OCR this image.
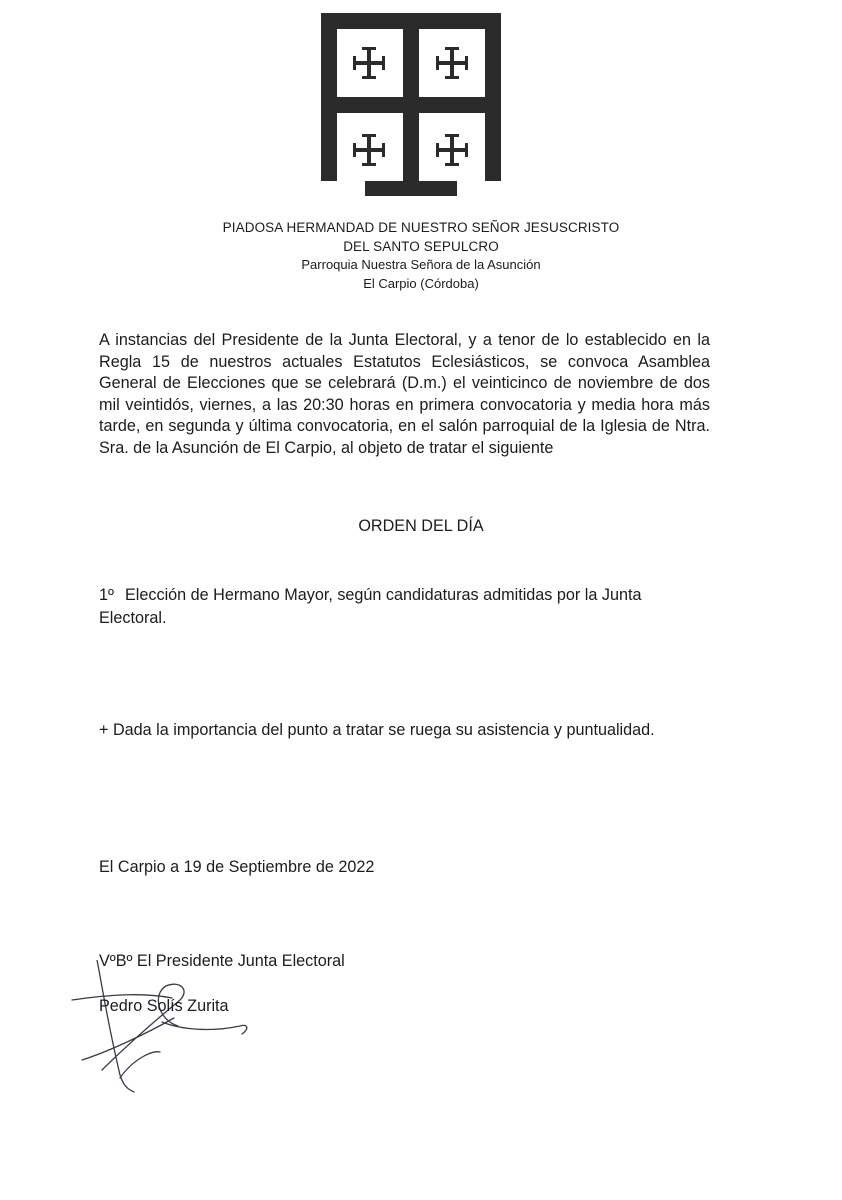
PIADOSA HERMANDAD DE NUESTRO SEÑOR JESUSCRISTO
DEL SANTO SEPULCRO
Parroquia Nuestra Señora de la Asunción
El Carpio (Córdoba)
A instancias del Presidente de la Junta Electoral, y a tenor de lo establecido en la Regla 15 de nuestros actuales Estatutos Eclesiásticos, se convoca Asamblea General de Elecciones que se celebrará (D.m.) el veinticinco de noviembre de dos mil veintidós, viernes, a las 20:30 horas en primera convocatoria y media hora más tarde, en segunda y última convocatoria, en el salón parroquial de la Iglesia de Ntra. Sra. de la Asunción de El Carpio, al objeto de tratar el siguiente
ORDEN DEL DÍA
1º Elección de Hermano Mayor, según candidaturas admitidas por la Junta Electoral.
+ Dada la importancia del punto a tratar se ruega su asistencia y puntualidad.
El Carpio a 19 de Septiembre de 2022
VºBº El Presidente Junta Electoral
Pedro Solís Zurita
